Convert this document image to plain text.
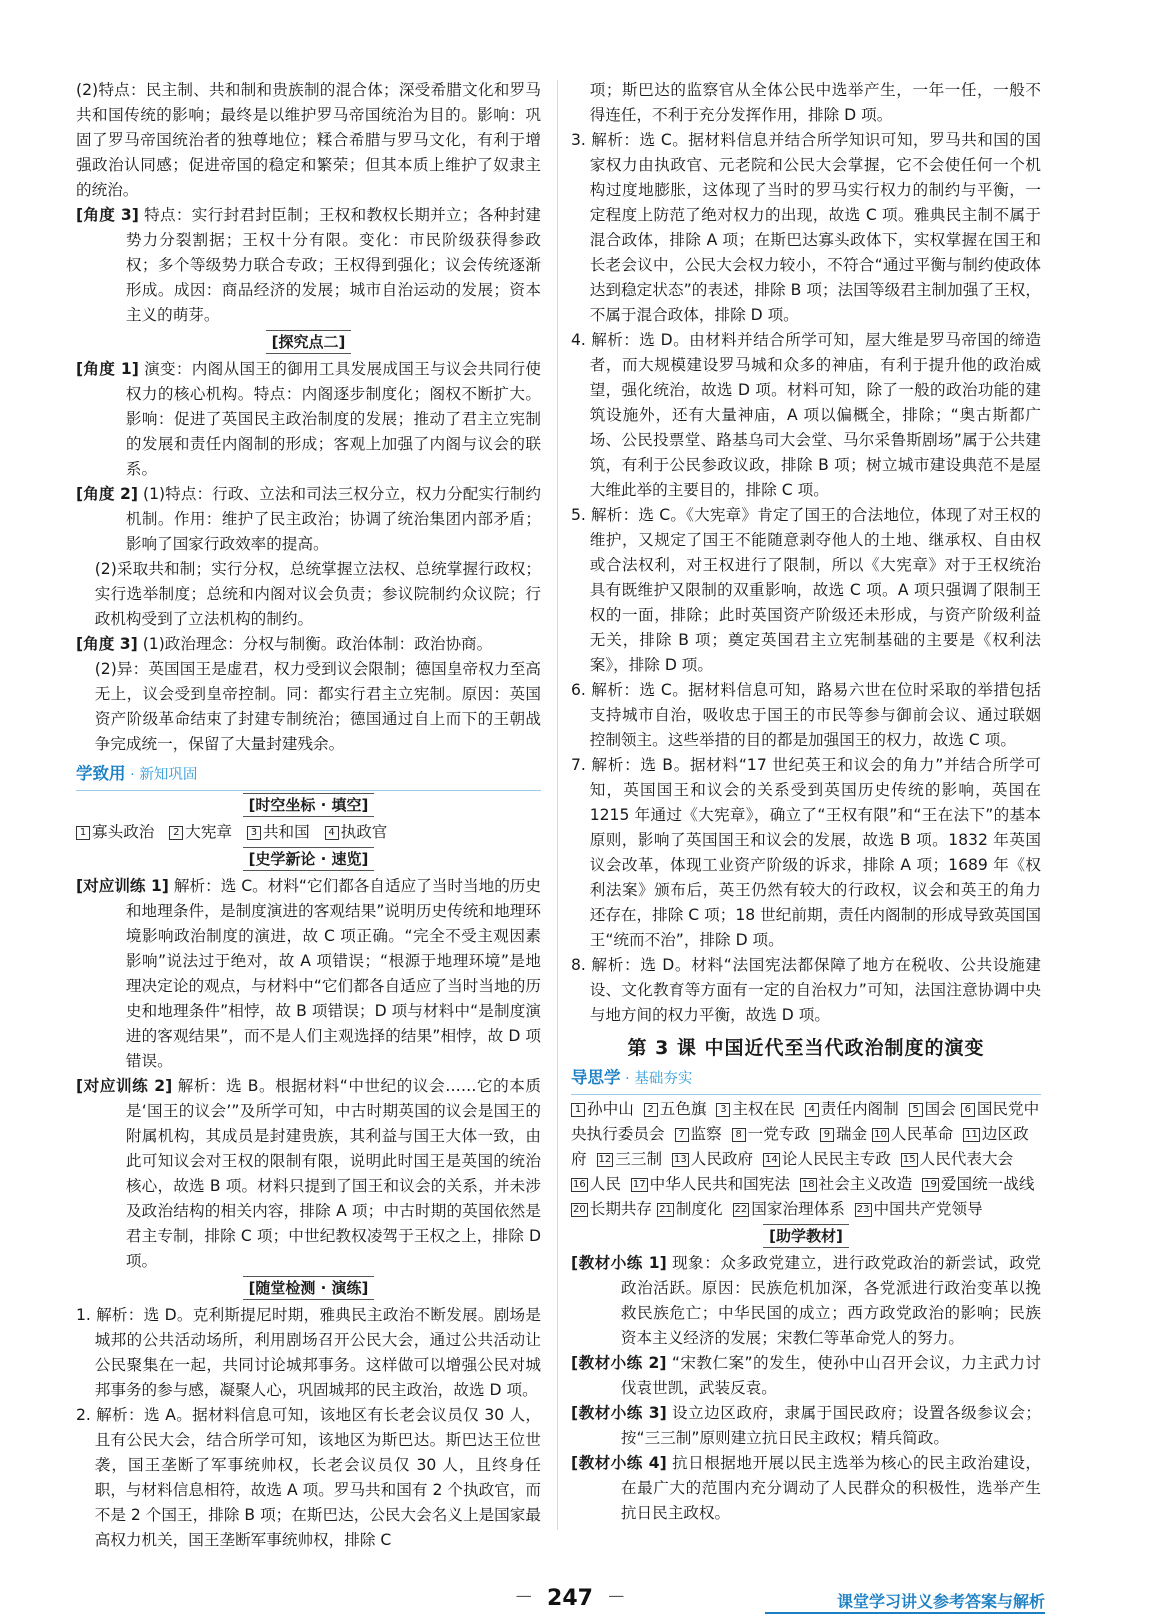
(2)特点：民主制、共和制和贵族制的混合体；深受希腊文化和罗马共和国传统的影响；最终是以维护罗马帝国统治为目的。影响：巩固了罗马帝国统治者的独尊地位；糅合希腊与罗马文化，有利于增强政治认同感；促进帝国的稳定和繁荣；但其本质上维护了奴隶主的统治。

[角度 3] 特点：实行封君封臣制；王权和教权长期并立；各种封建势力分裂割据；王权十分有限。变化：市民阶级获得参政权；多个等级势力联合专政；王权得到强化；议会传统逐渐形成。成因：商品经济的发展；城市自治运动的发展；资本主义的萌芽。

[探究点二]

[角度 1] 演变：内阁从国王的御用工具发展成国王与议会共同行使权力的核心机构。特点：内阁逐步制度化；阁权不断扩大。影响：促进了英国民主政治制度的发展；推动了君主立宪制的发展和责任内阁制的形成；客观上加强了内阁与议会的联系。

[角度 2] (1)特点：行政、立法和司法三权分立，权力分配实行制约机制。作用：维护了民主政治；协调了统治集团内部矛盾；影响了国家行政效率的提高。

(2)采取共和制；实行分权，总统掌握立法权、总统掌握行政权；实行选举制度；总统和内阁对议会负责；参议院制约众议院；行政机构受到了立法机构的制约。

[角度 3] (1)政治理念：分权与制衡。政治体制：政治协商。

(2)异：英国国王是虚君，权力受到议会限制；德国皇帝权力至高无上，议会受到皇帝控制。同：都实行君主立宪制。原因：英国资产阶级革命结束了封建专制统治；德国通过自上而下的王朝战争完成统一，保留了大量封建残余。

学致用 · 新知巩固
[时空坐标 · 填空]

1 寡头政治 2 大宪章 3 共和国 4 执政官

[史学新论 · 速览]

[对应训练 1] 解析：选 C。材料“它们都各自适应了当时当地的历史和地理条件，是制度演进的客观结果”说明历史传统和地理环境影响政治制度的演进，故 C 项正确。“完全不受主观因素影响”说法过于绝对，故 A 项错误；“根源于地理环境”是地理决定论的观点，与材料中“它们都各自适应了当时当地的历史和地理条件”相悖，故 B 项错误；D 项与材料中“是制度演进的客观结果”，而不是人们主观选择的结果”相悖，故 D 项错误。

[对应训练 2] 解析：选 B。根据材料“中世纪的议会……它的本质是‘国王的议会’”及所学可知，中古时期英国的议会是国王的附属机构，其成员是封建贵族，其利益与国王大体一致，由此可知议会对王权的限制有限，说明此时国王是英国的统治核心，故选 B 项。材料只提到了国王和议会的关系，并未涉及政治结构的相关内容，排除 A 项；中古时期的英国依然是君主专制，排除 C 项；中世纪教权凌驾于王权之上，排除 D 项。

[随堂检测 · 演练]

1. 解析：选 D。克利斯提尼时期，雅典民主政治不断发展。剧场是城邦的公共活动场所，利用剧场召开公民大会，通过公共活动让公民聚集在一起，共同讨论城邦事务。这样做可以增强公民对城邦事务的参与感，凝聚人心，巩固城邦的民主政治，故选 D 项。

2. 解析：选 A。据材料信息可知，该地区有长老会议员仅 30 人，且有公民大会，结合所学可知，该地区为斯巴达。斯巴达王位世袭，国王垄断了军事统帅权，长老会议员仅 30 人，且终身任职，与材料信息相符，故选 A 项。罗马共和国有 2 个执政官，而不是 2 个国王，排除 B 项；在斯巴达，公民大会名义上是国家最高权力机关，国王垄断军事统帅权，排除 C

项；斯巴达的监察官从全体公民中选举产生，一年一任，一般不得连任，不利于充分发挥作用，排除 D 项。

3. 解析：选 C。据材料信息并结合所学知识可知，罗马共和国的国家权力由执政官、元老院和公民大会掌握，它不会使任何一个机构过度地膨胀，这体现了当时的罗马实行权力的制约与平衡，一定程度上防范了绝对权力的出现，故选 C 项。雅典民主制不属于混合政体，排除 A 项；在斯巴达寡头政体下，实权掌握在国王和长老会议中，公民大会权力较小，不符合“通过平衡与制约使政体达到稳定状态”的表述，排除 B 项；法国等级君主制加强了王权，不属于混合政体，排除 D 项。

4. 解析：选 D。由材料并结合所学可知，屋大维是罗马帝国的缔造者，而大规模建设罗马城和众多的神庙，有利于提升他的政治威望，强化统治，故选 D 项。材料可知，除了一般的政治功能的建筑设施外，还有大量神庙，A 项以偏概全，排除；“奥古斯都广场、公民投票堂、路基乌司大会堂、马尔采鲁斯剧场”属于公共建筑，有利于公民参政议政，排除 B 项；树立城市建设典范不是屋大维此举的主要目的，排除 C 项。

5. 解析：选 C。《大宪章》肯定了国王的合法地位，体现了对王权的维护，又规定了国王不能随意剥夺他人的土地、继承权、自由权或合法权利，对王权进行了限制，所以《大宪章》对于王权统治具有既维护又限制的双重影响，故选 C 项。A 项只强调了限制王权的一面，排除；此时英国资产阶级还未形成，与资产阶级利益无关，排除 B 项；奠定英国君主立宪制基础的主要是《权利法案》，排除 D 项。

6. 解析：选 C。据材料信息可知，路易六世在位时采取的举措包括支持城市自治，吸收忠于国王的市民等参与御前会议、通过联姻控制领主。这些举措的目的都是加强国王的权力，故选 C 项。

7. 解析：选 B。据材料“17 世纪英王和议会的角力”并结合所学可知，英国国王和议会的关系受到英国历史传统的影响，英国在 1215 年通过《大宪章》，确立了“王权有限”和“王在法下”的基本原则，影响了英国国王和议会的发展，故选 B 项。1832 年英国议会改革，体现工业资产阶级的诉求，排除 A 项；1689 年《权利法案》颁布后，英王仍然有较大的行政权，议会和英王的角力还存在，排除 C 项；18 世纪前期，责任内阁制的形成导致英国国王“统而不治”，排除 D 项。

8. 解析：选 D。材料“法国宪法都保障了地方在税收、公共设施建设、文化教育等方面有一定的自治权力”可知，法国注意协调中央与地方间的权力平衡，故选 D 项。

第 3 课 中国近代至当代政治制度的演变
导思学 · 基础夯实

1 孙中山 2 五色旗 3 主权在民 4 责任内阁制 5 国会 6 国民党中央执行委员会 7 监察 8 一党专政 9 瑞金 10 人民革命 11 边区政府 12 三三制 13 人民政府 14 论人民民主专政 15 人民代表大会  16 人民 17 中华人民共和国宪法 18 社会主义改造 19 爱国统一战线  20 长期共存 21 制度化 22 国家治理体系 23 中国共产党领导

[助学教材]

[教材小练 1] 现象：众多政党建立，进行政党政治的新尝试，政党政治活跃。原因：民族危机加深，各党派进行政治变革以挽救民族危亡；中华民国的成立；西方政党政治的影响；民族资本主义经济的发展；宋教仁等革命党人的努力。

[教材小练 2] “宋教仁案”的发生，使孙中山召开会议，力主武力讨伐袁世凯，武装反袁。

[教材小练 3] 设立边区政府，隶属于国民政府；设置各级参议会；按“三三制”原则建立抗日民主政权；精兵简政。

[教材小练 4] 抗日根据地开展以民主选举为核心的民主政治建设，在最广大的范围内充分调动了人民群众的积极性，选举产生抗日民主政权。

— 247 —	课堂学习讲义参考答案与解析
